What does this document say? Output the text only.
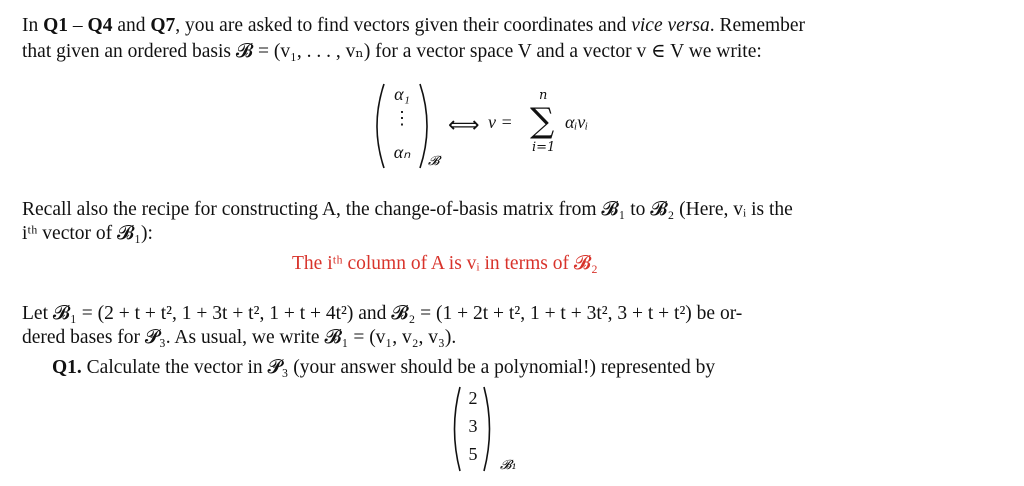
In Q1 – Q4 and Q7, you are asked to find vectors given their coordinates and vice versa. Remember
that given an ordered basis 𝓑 = (v₁, . . . , vₙ) for a vector space V and a vector v ∈ V we write:
α₁
⋮
αₙ	𝓑
⟺ v =
n
∑
i=1
αᵢvᵢ
Recall also the recipe for constructing A, the change-of-basis matrix from 𝓑₁ to 𝓑₂ (Here, vᵢ is the
iᵗʰ vector of 𝓑₁):
The iᵗʰ column of A is vᵢ in terms of 𝓑₂
Let 𝓑₁ = (2 + t + t², 1 + 3t + t², 1 + t + 4t²) and 𝓑₂ = (1 + 2t + t², 1 + t + 3t², 3 + t + t²) be or-
dered bases for 𝓟₃. As usual, we write 𝓑₁ = (v₁, v₂, v₃).
Q1. Calculate the vector in 𝓟₃ (your answer should be a polynomial!) represented by
2
3
5
𝓑₁
